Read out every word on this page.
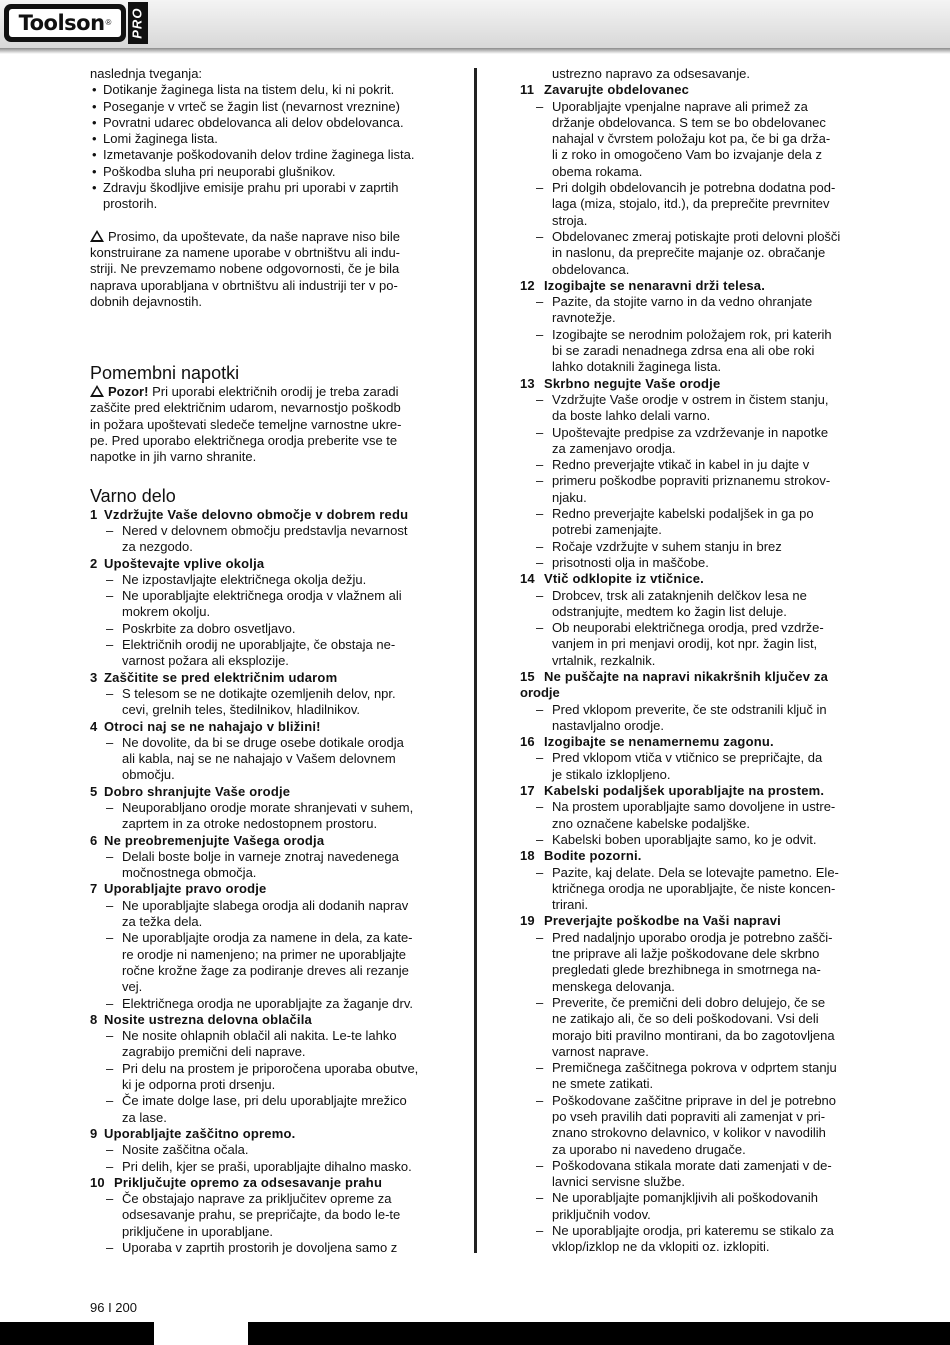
Toolson ® PRO
naslednja tveganja:
• Dotikanje žaginega lista na tistem delu, ki ni pokrit.
• Poseganje v vrteč se žagin list (nevarnost vreznine)
• Povratni udarec obdelovanca ali delov obdelovanca.
• Lomi žaginega lista.
• Izmetavanje poškodovanih delov trdine žaginega lista.
• Poškodba sluha pri neuporabi glušnikov.
• Zdravju škodljive emisije prahu pri uporabi v zaprtih
prostorih.
Prosimo, da upoštevate, da naše naprave niso bile
konstruirane za namene uporabe v obrtništvu ali indu-
striji. Ne prevzemamo nobene odgovornosti, če je bila
naprava uporabljana v obrtništvu ali industriji ter v po-
dobnih dejavnostih.
Pomembni napotki
Pozor! Pri uporabi električnih orodij je treba zaradi
zaščite pred električnim udarom, nevarnostjo poškodb
in požara upoštevati sledeče temeljne varnostne ukre-
pe. Pred uporabo električnega orodja preberite vse te
napotke in jih varno shranite.
Varno delo
1 Vzdržujte Vaše delovno območje v dobrem redu
– Nered v delovnem območju predstavlja nevarnost
za nezgodo.
2 Upoštevajte vplive okolja
– Ne izpostavljajte električnega okolja dežju.
– Ne uporabljajte električnega orodja v vlažnem ali
mokrem okolju.
– Poskrbite za dobro osvetljavo.
– Električnih orodij ne uporabljajte, če obstaja ne-
varnost požara ali eksplozije.
3 Zaščitite se pred električnim udarom
– S telesom se ne dotikajte ozemljenih delov, npr.
cevi, grelnih teles, štedilnikov, hladilnikov.
4 Otroci naj se ne nahajajo v bližini!
– Ne dovolite, da bi se druge osebe dotikale orodja
ali kabla, naj se ne nahajajo v Vašem delovnem
območju.
5 Dobro shranjujte Vaše orodje
– Neuporabljano orodje morate shranjevati v suhem,
zaprtem in za otroke nedostopnem prostoru.
6 Ne preobremenjujte Vašega orodja
– Delali boste bolje in varneje znotraj navedenega
močnostnega območja.
7 Uporabljajte pravo orodje
– Ne uporabljajte slabega orodja ali dodanih naprav
za težka dela.
– Ne uporabljajte orodja za namene in dela, za kate-
re orodje ni namenjeno; na primer ne uporabljajte
ročne krožne žage za podiranje dreves ali rezanje
vej.
– Električnega orodja ne uporabljajte za žaganje drv.
8 Nosite ustrezna delovna oblačila
– Ne nosite ohlapnih oblačil ali nakita. Le-te lahko
zagrabijo premični deli naprave.
– Pri delu na prostem je priporočena uporaba obutve,
ki je odporna proti drsenju.
– Če imate dolge lase, pri delu uporabljajte mrežico
za lase.
9 Uporabljajte zaščitno opremo.
– Nosite zaščitna očala.
– Pri delih, kjer se praši, uporabljajte dihalno masko.
10 Priključujte opremo za odsesavanje prahu
– Če obstajajo naprave za priključitev opreme za
odsesavanje prahu, se prepričajte, da bodo le-te
priključene in uporabljane.
– Uporaba v zaprtih prostorih je dovoljena samo z
ustrezno napravo za odsesavanje.
11 Zavarujte obdelovanec
– Uporabljajte vpenjalne naprave ali primež za
držanje obdelovanca. S tem se bo obdelovanec
nahajal v čvrstem položaju kot pa, če bi ga drža-
li z roko in omogočeno Vam bo izvajanje dela z
obema rokama.
– Pri dolgih obdelovancih je potrebna dodatna pod-
laga (miza, stojalo, itd.), da preprečite prevrnitev
stroja.
– Obdelovanec zmeraj potiskajte proti delovni plošči
in naslonu, da preprečite majanje oz. obračanje
obdelovanca.
12 Izogibajte se nenaravni drži telesa.
– Pazite, da stojite varno in da vedno ohranjate
ravnotežje.
– Izogibajte se nerodnim položajem rok, pri katerih
bi se zaradi nenadnega zdrsa ena ali obe roki
lahko dotaknili žaginega lista.
13 Skrbno negujte Vaše orodje
– Vzdržujte Vaše orodje v ostrem in čistem stanju,
da boste lahko delali varno.
– Upoštevajte predpise za vzdrževanje in napotke
za zamenjavo orodja.
– Redno preverjajte vtikač in kabel in ju dajte v
– primeru poškodbe popraviti priznanemu strokov-
njaku.
– Redno preverjajte kabelski podaljšek in ga po
potrebi zamenjajte.
– Ročaje vzdržujte v suhem stanju in brez
– prisotnosti olja in maščobe.
14 Vtič odklopite iz vtičnice.
– Drobcev, trsk ali zataknjenih delčkov lesa ne
odstranjujte, medtem ko žagin list deluje.
– Ob neuporabi električnega orodja, pred vzdrže-
vanjem in pri menjavi orodij, kot npr. žagin list,
vrtalnik, rezkalnik.
15 Ne puščajte na napravi nikakršnih ključev za
orodje
– Pred vklopom preverite, če ste odstranili ključ in
nastavljalno orodje.
16 Izogibajte se nenamernemu zagonu.
– Pred vklopom vtiča v vtičnico se prepričajte, da
je stikalo izklopljeno.
17 Kabelski podaljšek uporabljajte na prostem.
– Na prostem uporabljajte samo dovoljene in ustre-
zno označene kabelske podaljške.
– Kabelski boben uporabljajte samo, ko je odvit.
18 Bodite pozorni.
– Pazite, kaj delate. Dela se lotevajte pametno. Ele-
ktričnega orodja ne uporabljajte, če niste koncen-
trirani.
19 Preverjajte poškodbe na Vaši napravi
– Pred nadaljnjo uporabo orodja je potrebno zašči-
tne priprave ali lažje poškodovane dele skrbno
pregledati glede brezhibnega in smotrnega na-
menskega delovanja.
– Preverite, če premični deli dobro delujejo, če se
ne zatikajo ali, če so deli poškodovani. Vsi deli
morajo biti pravilno montirani, da bo zagotovljena
varnost naprave.
– Premičnega zaščitnega pokrova v odprtem stanju
ne smete zatikati.
– Poškodovane zaščitne priprave in del je potrebno
po vseh pravilih dati popraviti ali zamenjat v pri-
znano strokovno delavnico, v kolikor v navodilih
za uporabo ni navedeno drugače.
– Poškodovana stikala morate dati zamenjati v de-
lavnici servisne službe.
– Ne uporabljajte pomanjkljivih ali poškodovanih
priključnih vodov.
– Ne uporabljajte orodja, pri kateremu se stikalo za
vklop/izklop ne da vklopiti oz. izklopiti.
96 I 200
